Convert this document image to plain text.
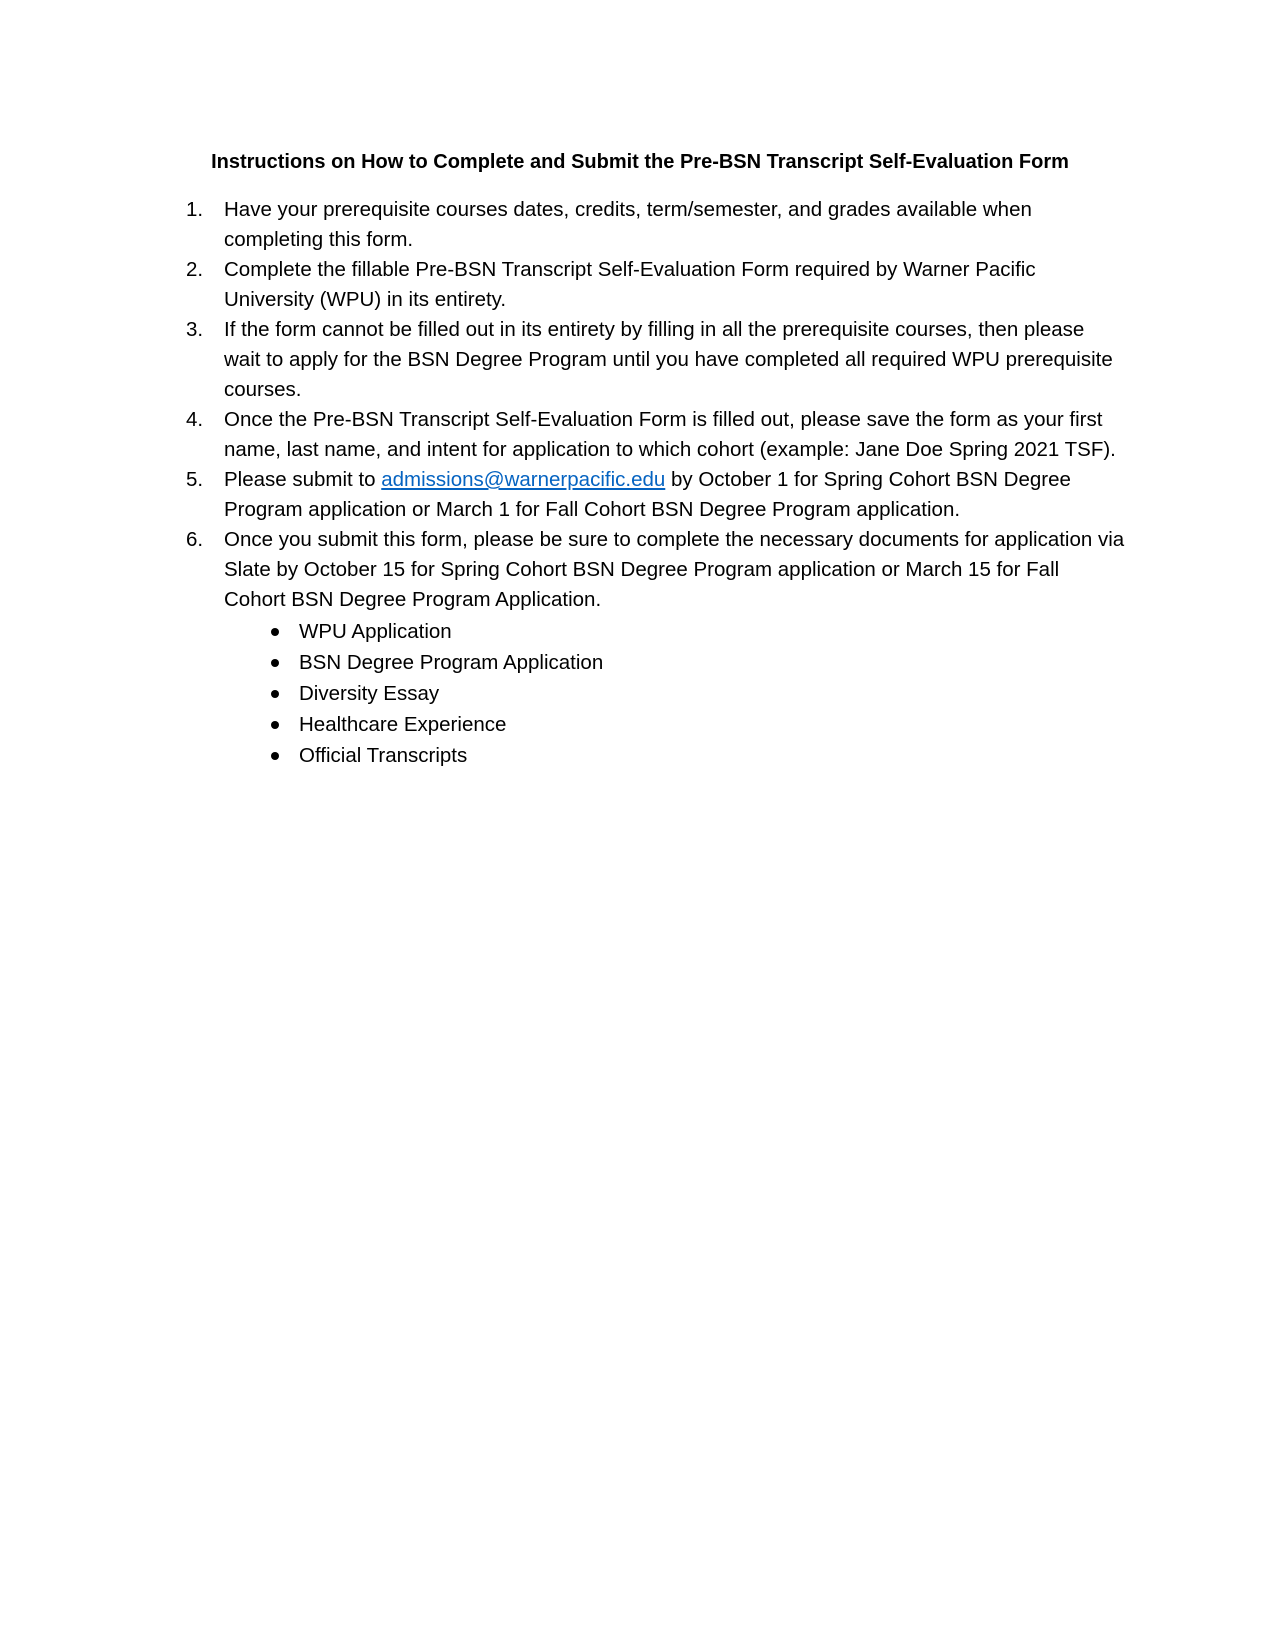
Instructions on How to Complete and Submit the Pre-BSN Transcript Self-Evaluation Form
1.	Have your prerequisite courses dates, credits, term/semester, and grades available when completing this form.
2.	Complete the fillable Pre-BSN Transcript Self-Evaluation Form required by Warner Pacific University (WPU) in its entirety.
3.	If the form cannot be filled out in its entirety by filling in all the prerequisite courses, then please wait to apply for the BSN Degree Program until you have completed all required WPU prerequisite courses.
4.	Once the Pre-BSN Transcript Self-Evaluation Form is filled out, please save the form as your first name, last name, and intent for application to which cohort (example: Jane Doe Spring 2021 TSF).
5.	Please submit to admissions@warnerpacific.edu by October 1 for Spring Cohort BSN Degree Program application or March 1 for Fall Cohort BSN Degree Program application.
6.	Once you submit this form, please be sure to complete the necessary documents for application via Slate by October 15 for Spring Cohort BSN Degree Program application or March 15 for Fall Cohort BSN Degree Program Application.
WPU Application
BSN Degree Program Application
Diversity Essay
Healthcare Experience
Official Transcripts
